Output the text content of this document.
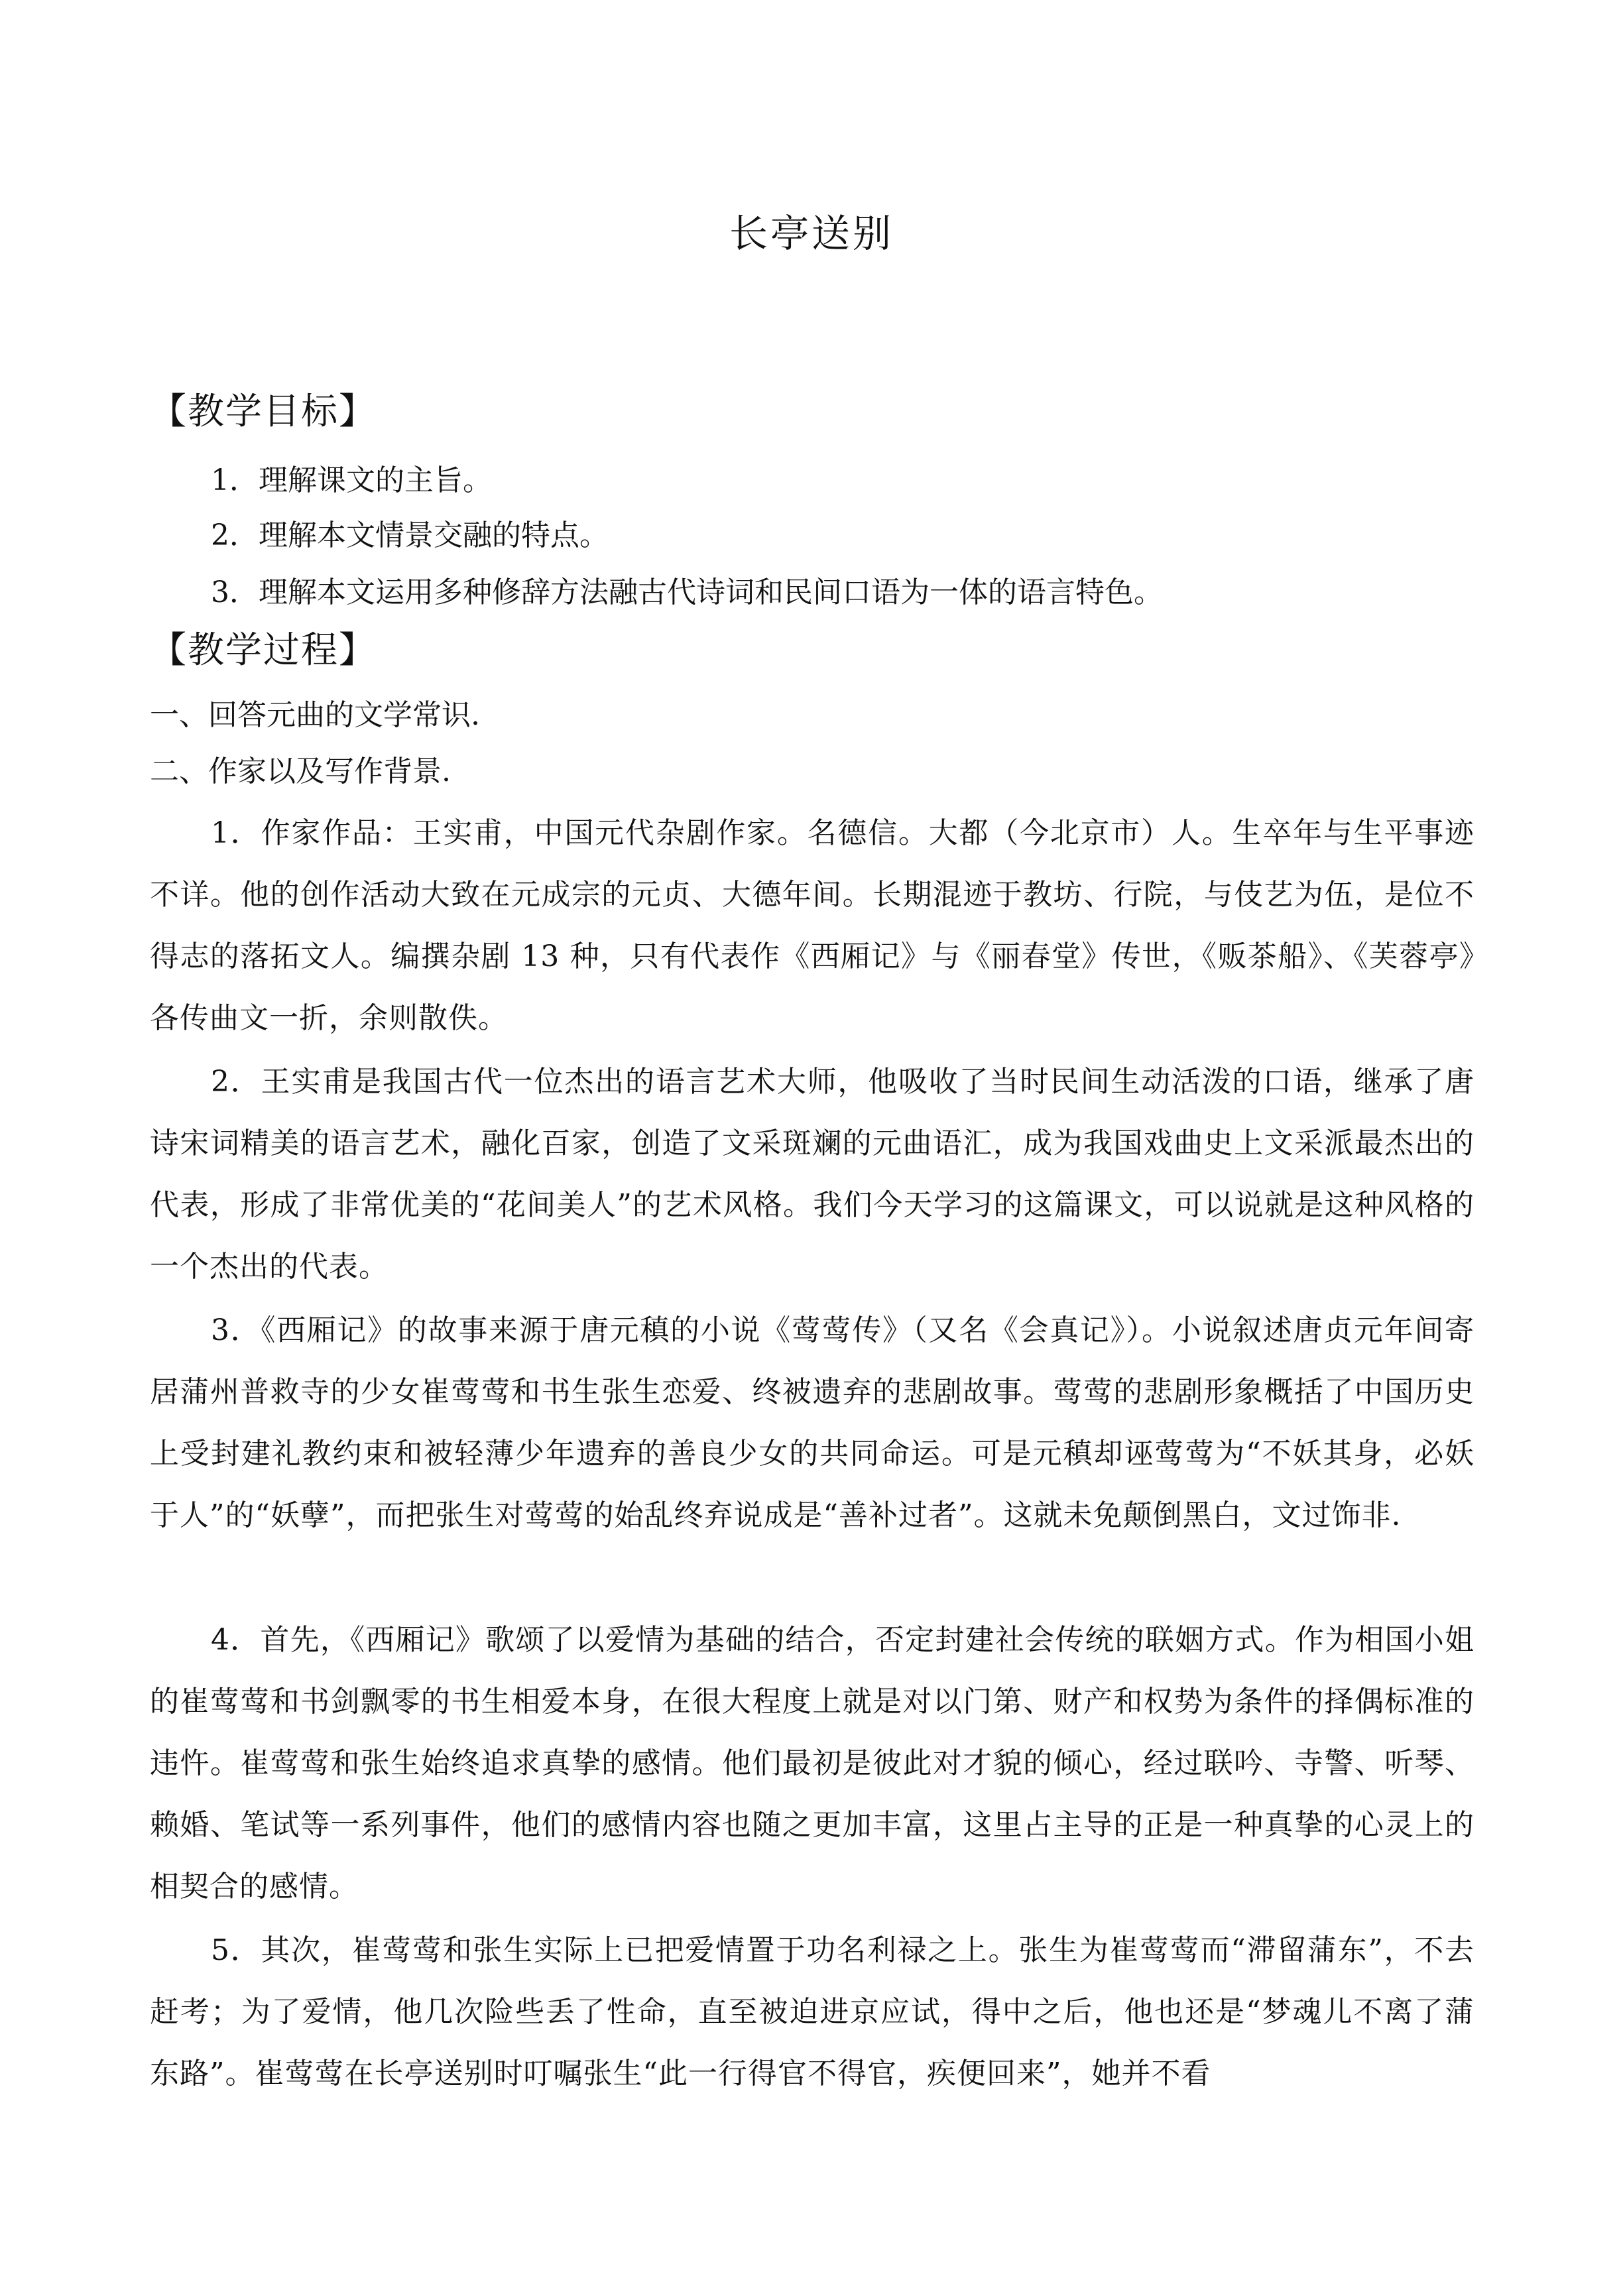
长亭送别
【教学目标】
1．理解课文的主旨。
2．理解本文情景交融的特点。
3．理解本文运用多种修辞方法融古代诗词和民间口语为一体的语言特色。
【教学过程】
一、回答元曲的文学常识.
二、作家以及写作背景.
1．作家作品：王实甫，中国元代杂剧作家。名德信。大都（今北京市）人。生卒年与生平事迹不详。他的创作活动大致在元成宗的元贞、大德年间。长期混迹于教坊、行院，与伎艺为伍，是位不得志的落拓文人。编撰杂剧 13 种，只有代表作《西厢记》与《丽春堂》传世，《贩茶船》、《芙蓉亭》各传曲文一折，余则散佚。
2．王实甫是我国古代一位杰出的语言艺术大师，他吸收了当时民间生动活泼的口语，继承了唐诗宋词精美的语言艺术，融化百家，创造了文采斑斓的元曲语汇，成为我国戏曲史上文采派最杰出的代表，形成了非常优美的“花间美人”的艺术风格。我们今天学习的这篇课文，可以说就是这种风格的一个杰出的代表。
3．《西厢记》的故事来源于唐元稹的小说《莺莺传》（又名《会真记》）。小说叙述唐贞元年间寄居蒲州普救寺的少女崔莺莺和书生张生恋爱、终被遗弃的悲剧故事。莺莺的悲剧形象概括了中国历史上受封建礼教约束和被轻薄少年遗弃的善良少女的共同命运。可是元稹却诬莺莺为“不妖其身，必妖于人”的“妖孽”，而把张生对莺莺的始乱终弃说成是“善补过者”。这就未免颠倒黑白，文过饰非.
4．首先，《西厢记》歌颂了以爱情为基础的结合，否定封建社会传统的联姻方式。作为相国小姐的崔莺莺和书剑飘零的书生相爱本身，在很大程度上就是对以门第、财产和权势为条件的择偶标准的违忤。崔莺莺和张生始终追求真挚的感情。他们最初是彼此对才貌的倾心，经过联吟、寺警、听琴、赖婚、笔试等一系列事件，他们的感情内容也随之更加丰富，这里占主导的正是一种真挚的心灵上的相契合的感情。
5．其次，崔莺莺和张生实际上已把爱情置于功名利禄之上。张生为崔莺莺而“滞留蒲东”，不去赶考；为了爱情，他几次险些丢了性命，直至被迫进京应试，得中之后，他也还是“梦魂儿不离了蒲东路”。崔莺莺在长亭送别时叮嘱张生“此一行得官不得官，疾便回来”，她并不看
